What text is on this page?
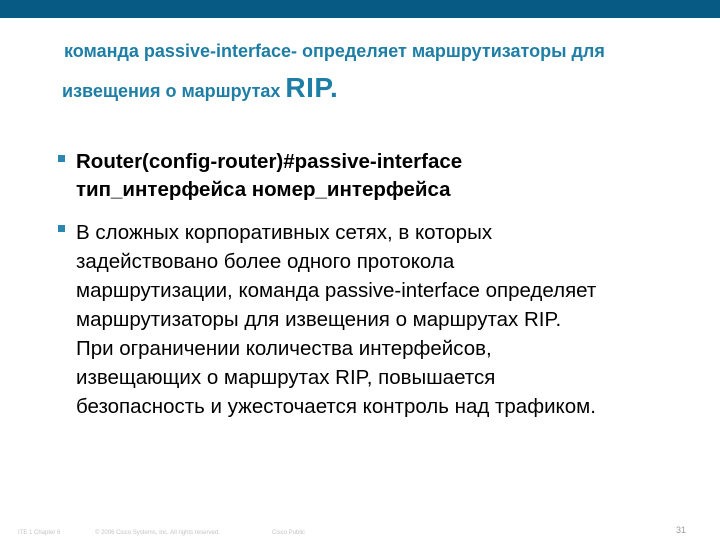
команда passive-interface- определяет маршрутизаторы для
извещения о маршрутах RIP.
Router(config-router)#passive-interface
тип_интерфейса номер_интерфейса
В сложных корпоративных сетях, в которых
задействовано более одного протокола
маршрутизации, команда passive-interface определяет
маршрутизаторы для извещения о маршрутах RIP.
При ограничении количества интерфейсов,
извещающих о маршрутах RIP, повышается
безопасность и ужесточается контроль над трафиком.
ITE 1 Chapter 6	© 2006 Cisco Systems, Inc. All rights reserved.	Cisco Public	31
